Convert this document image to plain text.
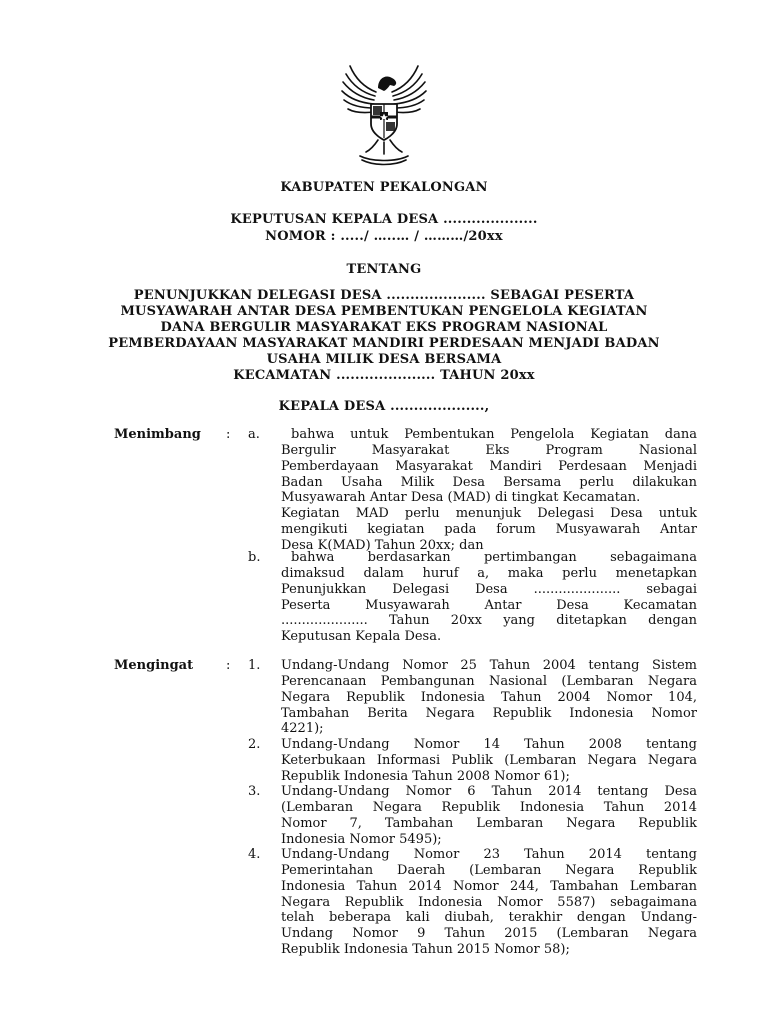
KABUPATEN PEKALONGAN
KEPUTUSAN KEPALA DESA ....................
NOMOR : ...../ …..… / ………/20xx
TENTANG
PENUNJUKKAN DELEGASI DESA ..................... SEBAGAI PESERTA
MUSYAWARAH ANTAR DESA PEMBENTUKAN PENGELOLA KEGIATAN
DANA BERGULIR MASYARAKAT EKS PROGRAM NASIONAL
PEMBERDAYAAN MASYARAKAT MANDIRI PERDESAAN MENJADI BADAN
USAHA MILIK DESA BERSAMA
KECAMATAN ..................... TAHUN 20xx
KEPALA DESA ....................,
Menimbang : a.	bahwa untuk Pembentukan Pengelola Kegiatan dana
Bergulir Masyarakat Eks Program Nasional
Pemberdayaan Masyarakat Mandiri Perdesaan Menjadi
Badan Usaha Milik Desa Bersama perlu dilakukan
Musyawarah Antar Desa (MAD) di tingkat Kecamatan.
Kegiatan MAD perlu menunjuk Delegasi Desa untuk
mengikuti kegiatan pada forum Musyawarah Antar
Desa K(MAD) Tahun 20xx; dan
b.	bahwa berdasarkan pertimbangan sebagaimana
dimaksud dalam huruf a, maka perlu menetapkan
Penunjukkan Delegasi Desa ..................... sebagai
Peserta Musyawarah Antar Desa Kecamatan
..................... Tahun 20xx yang ditetapkan dengan
Keputusan Kepala Desa.
Mengingat	: 1. Undang-Undang Nomor 25 Tahun 2004 tentang Sistem
Perencanaan Pembangunan Nasional (Lembaran Negara
Negara Republik Indonesia Tahun 2004 Nomor 104,
Tambahan Berita Negara Republik Indonesia Nomor
4221);
2. Undang-Undang Nomor 14 Tahun 2008 tentang
Keterbukaan Informasi Publik (Lembaran Negara Negara
Republik Indonesia Tahun 2008 Nomor 61);
3. Undang-Undang Nomor 6 Tahun 2014 tentang Desa
(Lembaran Negara Republik Indonesia Tahun 2014
Nomor 7, Tambahan Lembaran Negara Republik
Indonesia Nomor 5495);
4. Undang-Undang Nomor 23 Tahun 2014 tentang
Pemerintahan Daerah (Lembaran Negara Republik
Indonesia Tahun 2014 Nomor 244, Tambahan Lembaran
Negara Republik Indonesia Nomor 5587) sebagaimana
telah beberapa kali diubah, terakhir dengan Undang-
Undang Nomor 9 Tahun 2015 (Lembaran Negara
Republik Indonesia Tahun 2015 Nomor 58);
